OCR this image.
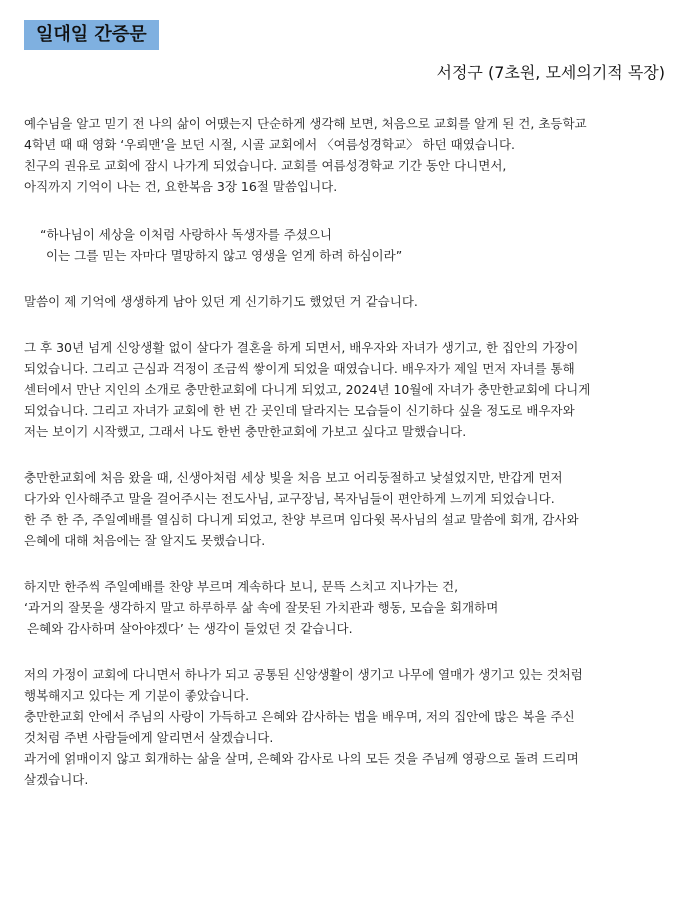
일대일 간증문
서정구 (7초원, 모세의기적 목장)
예수님을 알고 믿기 전 나의 삶이 어땠는지 단순하게 생각해 보면, 처음으로 교회를 알게 된 건, 초등학교
4학년 때 때 영화 ‘우뢰맨’을 보던 시절, 시골 교회에서 〈여름성경학교〉 하던 때였습니다.
친구의 권유로 교회에 잠시 나가게 되었습니다. 교회를 여름성경학교 기간 동안 다니면서,
아직까지 기억이 나는 건, 요한복음 3장 16절 말씀입니다.
“하나님이 세상을 이처럼 사랑하사 독생자를 주셨으니
이는 그를 믿는 자마다 멸망하지 않고 영생을 얻게 하려 하심이라”
말씀이 제 기억에 생생하게 남아 있던 게 신기하기도 했었던 거 같습니다.
그 후 30년 넘게 신앙생활 없이 살다가 결혼을 하게 되면서, 배우자와 자녀가 생기고, 한 집안의 가장이
되었습니다. 그리고 근심과 걱정이 조금씩 쌓이게 되었을 때였습니다. 배우자가 제일 먼저 자녀를 통해
센터에서 만난 지인의 소개로 충만한교회에 다니게 되었고, 2024년 10월에 자녀가 충만한교회에 다니게
되었습니다. 그리고 자녀가 교회에 한 번 간 곳인데 달라지는 모습들이 신기하다 싶을 정도로 배우자와
저는 보이기 시작했고, 그래서 나도 한번 충만한교회에 가보고 싶다고 말했습니다.
충만한교회에 처음 왔을 때, 신생아처럼 세상 빛을 처음 보고 어리둥절하고 낯설었지만, 반갑게 먼저
다가와 인사해주고 말을 걸어주시는 전도사님, 교구장님, 목자님들이 편안하게 느끼게 되었습니다.
한 주 한 주, 주일예배를 열심히 다니게 되었고, 찬양 부르며 임다윗 목사님의 설교 말씀에 회개, 감사와
은혜에 대해 처음에는 잘 알지도 못했습니다.
하지만 한주씩 주일예배를 찬양 부르며 계속하다 보니, 문뜩 스치고 지나가는 건,
‘과거의 잘못을 생각하지 말고 하루하루 삶 속에 잘못된 가치관과 행동, 모습을 회개하며
은혜와 감사하며 살아야겠다’ 는 생각이 들었던 것 같습니다.
저의 가정이 교회에 다니면서 하나가 되고 공통된 신앙생활이 생기고 나무에 열매가 생기고 있는 것처럼
행복해지고 있다는 게 기분이 좋았습니다.
충만한교회 안에서 주님의 사랑이 가득하고 은혜와 감사하는 법을 배우며, 저의 집안에 많은 복을 주신
것처럼 주변 사람들에게 알리면서 살겠습니다.
과거에 얽매이지 않고 회개하는 삶을 살며, 은혜와 감사로 나의 모든 것을 주님께 영광으로 돌려 드리며
살겠습니다.
